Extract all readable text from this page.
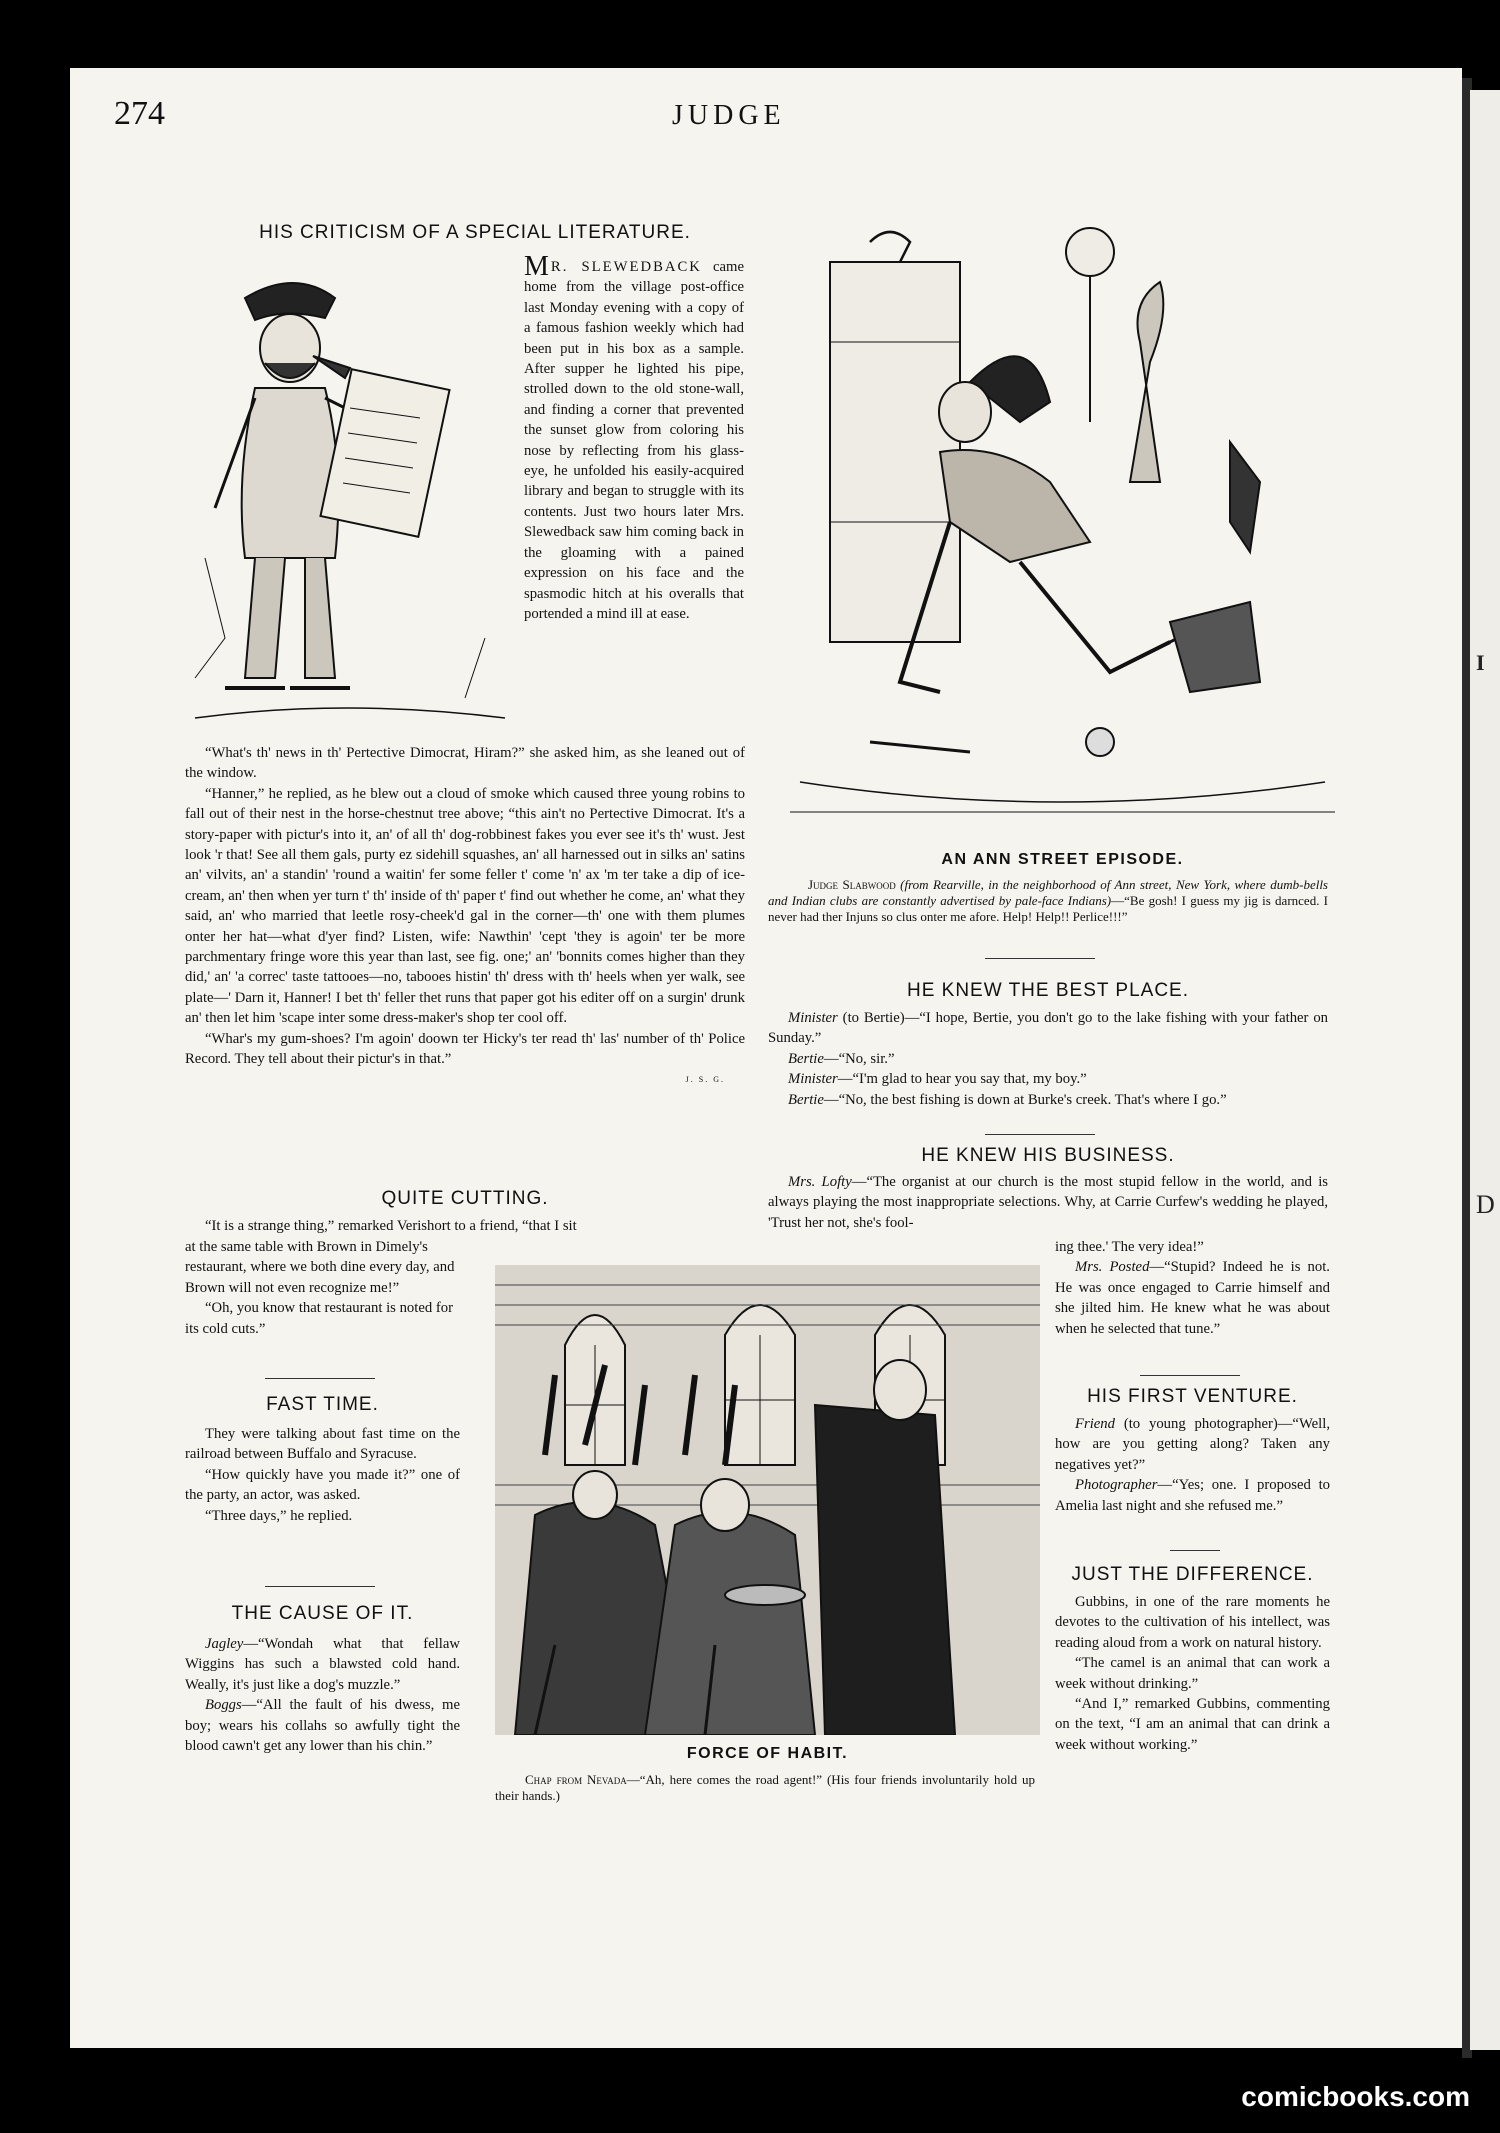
I
D
274	JUDGE
HIS CRITICISM OF A SPECIAL LITERATURE.

M R. SLEWEDBACK came home from the village post-office last Monday evening with a copy of a famous fashion weekly which had been put in his box as a sample. After supper he lighted his pipe, strolled down to the old stone-wall, and finding a corner that prevented the sunset glow from coloring his nose by reflecting from his glass-eye, he unfolded his easily-acquired library and began to struggle with its contents. Just two hours later Mrs. Slewedback saw him coming back in the gloaming with a pained expression on his face and the spasmodic hitch at his overalls that portended a mind ill at ease.

“What's th' news in th' Pertective Dimocrat, Hiram?” she asked him, as she leaned out of the window.

“Hanner,” he replied, as he blew out a cloud of smoke which caused three young robins to fall out of their nest in the horse-chestnut tree above; “this ain't no Pertective Dimocrat. It's a story-paper with pictur's into it, an' of all th' dog-robbinest fakes you ever see it's th' wust. Jest look 'r that! See all them gals, purty ez sidehill squashes, an' all harnessed out in silks an' satins an' vilvits, an' a standin' 'round a waitin' fer some feller t' come 'n' ax 'm ter take a dip of ice-cream, an' then when yer turn t' th' inside of th' paper t' find out whether he come, an' what they said, an' who married that leetle rosy-cheek'd gal in the corner—th' one with them plumes onter her hat—what d'yer find? Listen, wife: Nawthin' 'cept 'they is agoin' ter be more parchmentary fringe wore this year than last, see fig. one;' an' 'bonnits comes higher than they did,' an' 'a correc' taste tattooes—no, tabooes histin' th' dress with th' heels when yer walk, see plate—' Darn it, Hanner! I bet th' feller thet runs that paper got his editer off on a surgin' drunk an' then let him 'scape inter some dress-maker's shop ter cool off.

“Whar's my gum-shoes? I'm agoin' doown ter Hicky's ter read th' las' number of th' Police Record. They tell about their pictur's in that.”

J. S. G.
QUITE CUTTING.

“It is a strange thing,” remarked Verishort to a friend, “that I sit

at the same table with Brown in Dimely's restaurant, where we both dine every day, and Brown will not even recognize me!”

“Oh, you know that restaurant is noted for its cold cuts.”

FAST TIME.

They were talking about fast time on the railroad between Buffalo and Syracuse.

“How quickly have you made it?” one of the party, an actor, was asked.

“Three days,” he replied.

THE CAUSE OF IT.

Jagley—“Wondah what that fellaw Wiggins has such a blawsted cold hand. Weally, it's just like a dog's muzzle.”

Boggs—“All the fault of his dwess, me boy; wears his collahs so awfully tight the blood cawn't get any lower than his chin.”

AN ANN STREET EPISODE.
Judge Slabwood (from Rearville, in the neighborhood of Ann street, New York, where dumb-bells and Indian clubs are constantly advertised by pale-face Indians)—“Be gosh! I guess my jig is darnced. I never had ther Injuns so clus onter me afore. Help! Help!! Perlice!!!”
HE KNEW THE BEST PLACE.

Minister (to Bertie)—“I hope, Bertie, you don't go to the lake fishing with your father on Sunday.”

Bertie—“No, sir.”

Minister—“I'm glad to hear you say that, my boy.”

Bertie—“No, the best fishing is down at Burke's creek. That's where I go.”

HE KNEW HIS BUSINESS.

Mrs. Lofty—“The organist at our church is the most stupid fellow in the world, and is always playing the most inappropriate selections. Why, at Carrie Curfew's wedding he played, 'Trust her not, she's fool-

ing thee.' The very idea!”

Mrs. Posted—“Stupid? Indeed he is not. He was once engaged to Carrie himself and she jilted him. He knew what he was about when he selected that tune.”

HIS FIRST VENTURE.

Friend (to young photographer)—“Well, how are you getting along? Taken any negatives yet?”

Photographer—“Yes; one. I proposed to Amelia last night and she refused me.”

JUST THE DIFFERENCE.

Gubbins, in one of the rare moments he devotes to the cultivation of his intellect, was reading aloud from a work on natural history.

“The camel is an animal that can work a week without drinking.”

“And I,” remarked Gubbins, commenting on the text, “I am an animal that can drink a week without working.”

FORCE OF HABIT.
Chap from Nevada—“Ah, here comes the road agent!” (His four friends involuntarily hold up their hands.)
comicbooks.com
